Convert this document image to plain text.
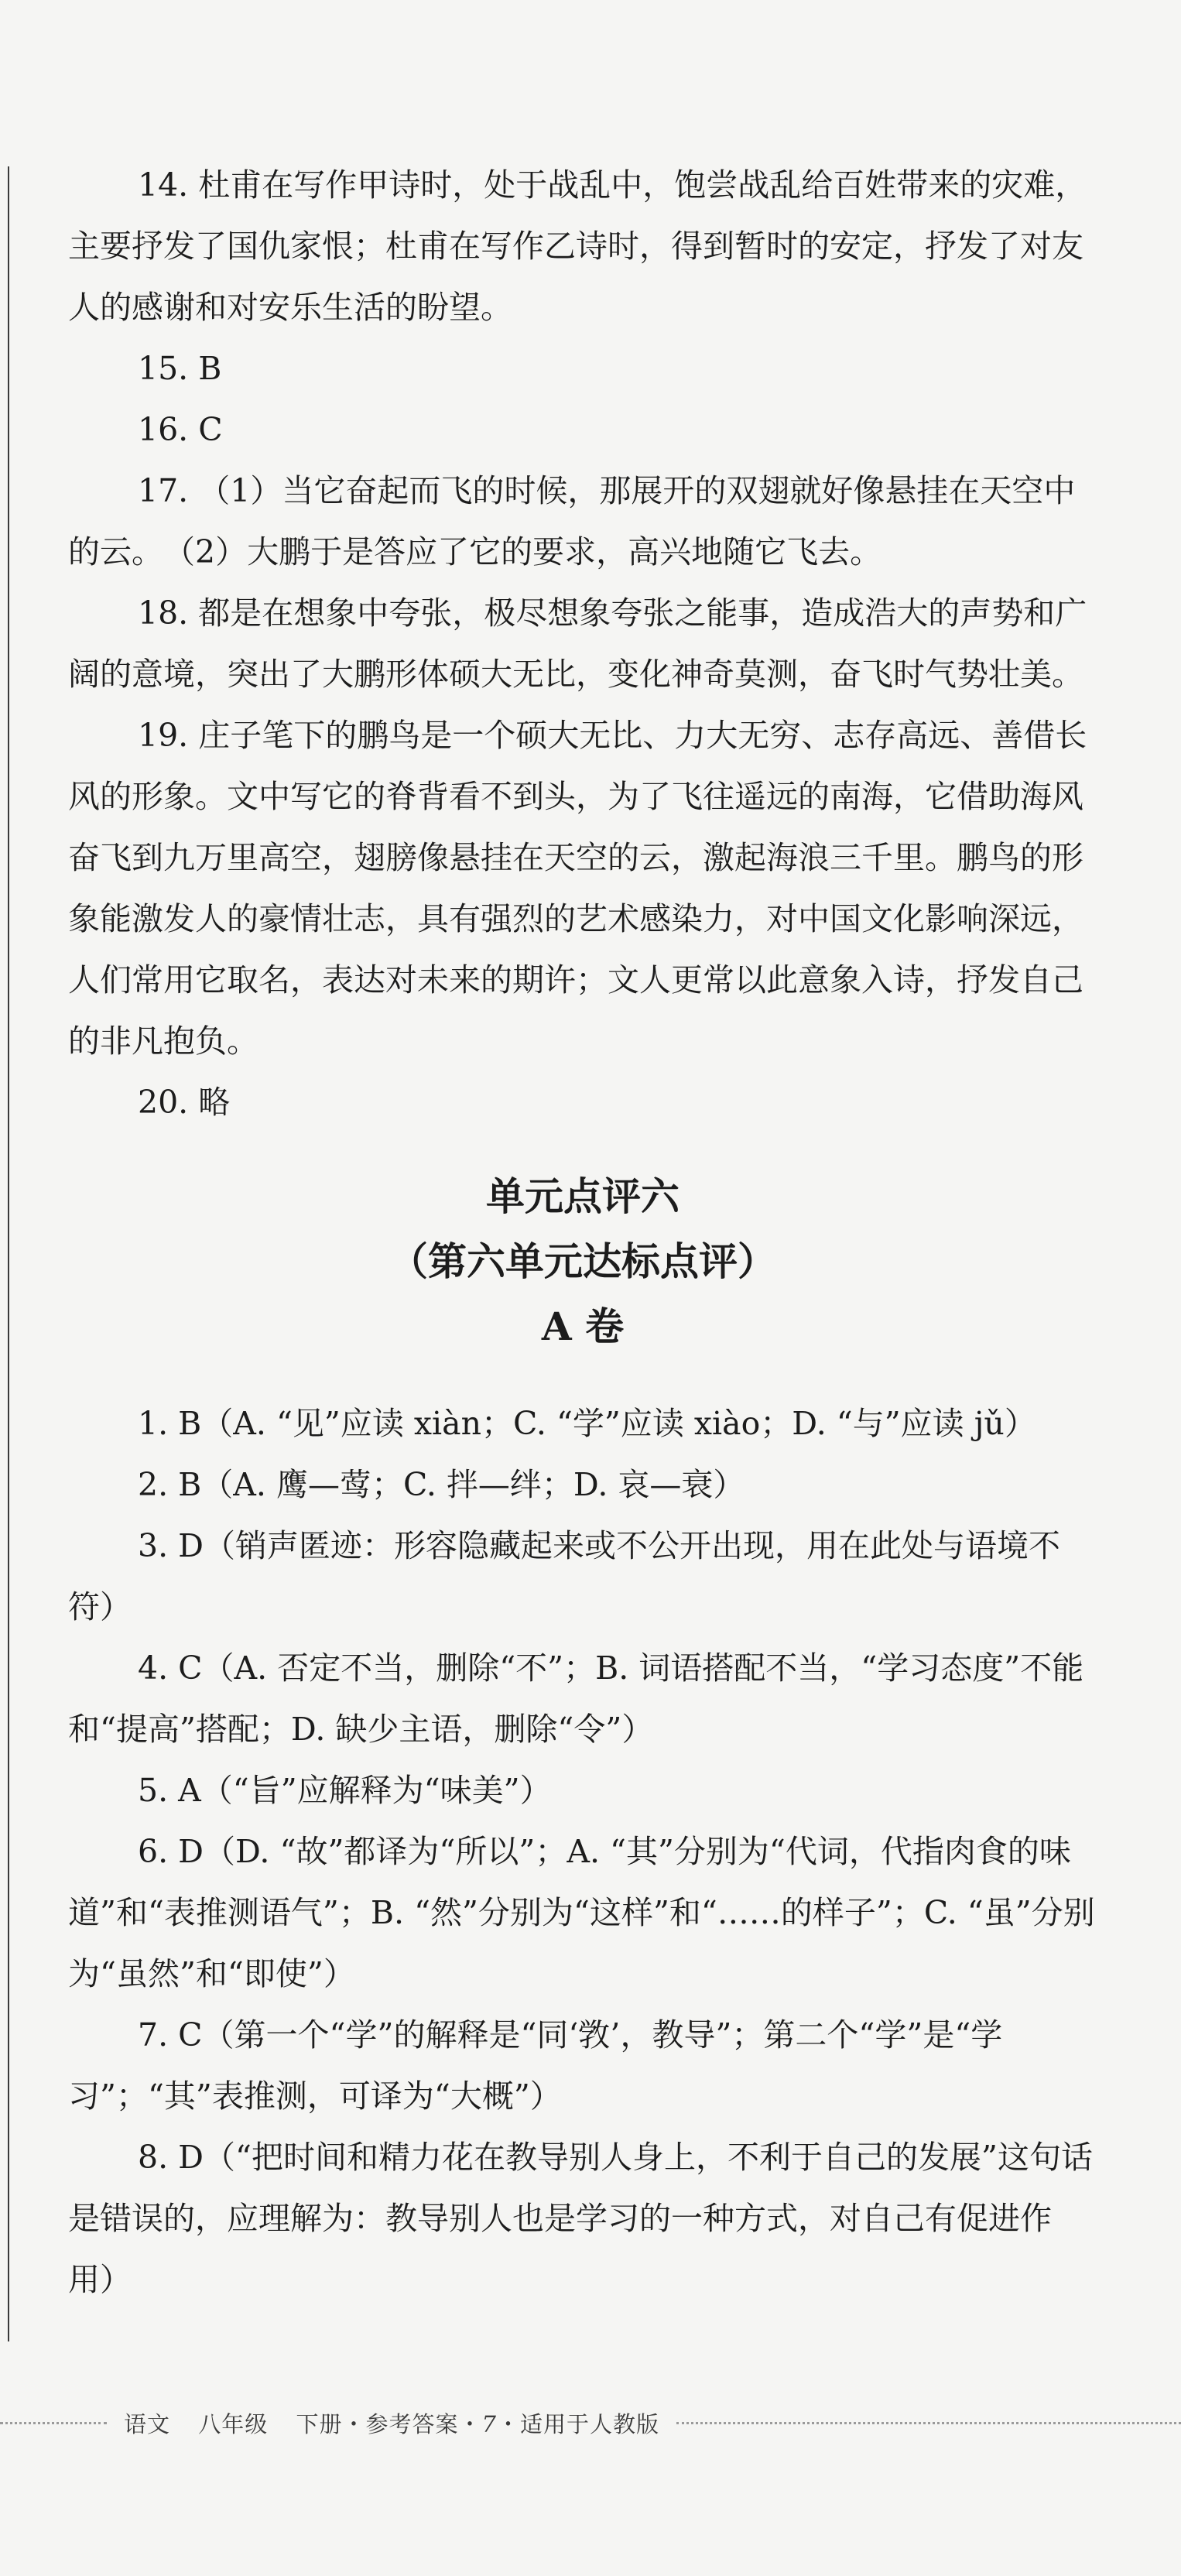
14. 杜甫在写作甲诗时，处于战乱中，饱尝战乱给百姓带来的灾难，主要抒发了国仇家恨；杜甫在写作乙诗时，得到暂时的安定，抒发了对友人的感谢和对安乐生活的盼望。

15. B

16. C

17. （1）当它奋起而飞的时候，那展开的双翅就好像悬挂在天空中的云。　（2）大鹏于是答应了它的要求，高兴地随它飞去。

18. 都是在想象中夸张，极尽想象夸张之能事，造成浩大的声势和广阔的意境，突出了大鹏形体硕大无比，变化神奇莫测，奋飞时气势壮美。

19. 庄子笔下的鹏鸟是一个硕大无比、力大无穷、志存高远、善借长风的形象。文中写它的脊背看不到头，为了飞往遥远的南海，它借助海风奋飞到九万里高空，翅膀像悬挂在天空的云，激起海浪三千里。鹏鸟的形象能激发人的豪情壮志，具有强烈的艺术感染力，对中国文化影响深远，人们常用它取名，表达对未来的期许；文人更常以此意象入诗，抒发自己的非凡抱负。

20. 略

单元点评六

（第六单元达标点评）

A 卷

1. B（A. “见”应读 xiàn；C. “学”应读 xiào；D. “与”应读 jǔ）

2. B（A. 鹰—莺；C. 拌—绊；D. 哀—衰）

3. D（销声匿迹：形容隐藏起来或不公开出现，用在此处与语境不符）

4. C（A. 否定不当，删除“不”；B. 词语搭配不当，“学习态度”不能和“提高”搭配；D. 缺少主语，删除“令”）

5. A（“旨”应解释为“味美”）

6. D（D. “故”都译为“所以”；A. “其”分别为“代词，代指肉食的味道”和“表推测语气”；B. “然”分别为“这样”和“……的样子”；C. “虽”分别为“虽然”和“即使”）

7. C（第一个“学”的解释是“同‘敩’，教导”；第二个“学”是“学习”；“其”表推测，可译为“大概”）

8. D（“把时间和精力花在教导别人身上，不利于自己的发展”这句话是错误的，应理解为：教导别人也是学习的一种方式，对自己有促进作用）

语文 八年级 下册・参考答案・7・适用于人教版
